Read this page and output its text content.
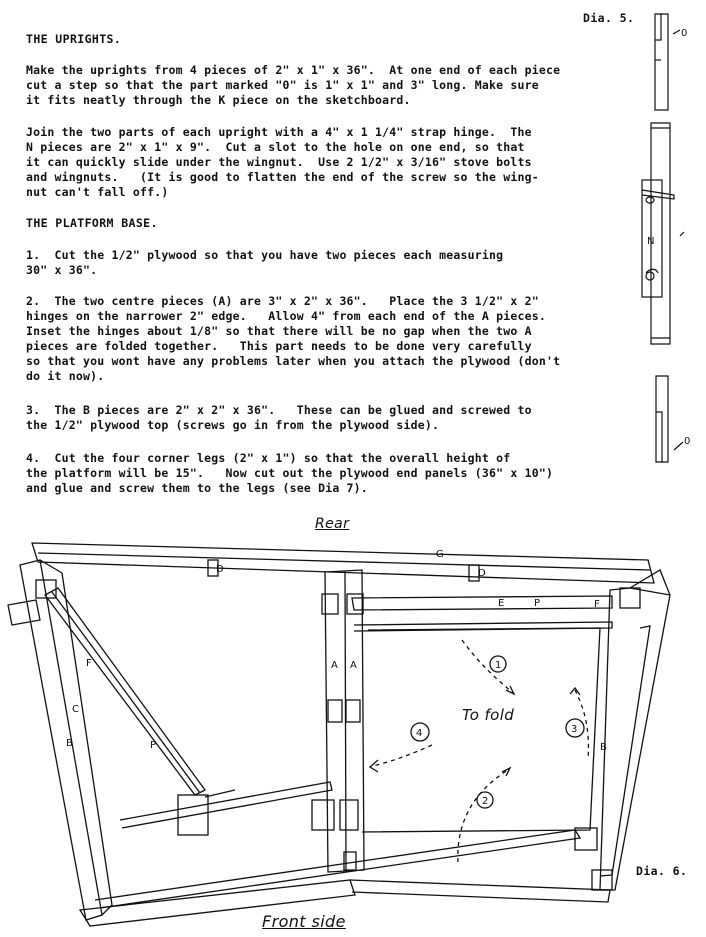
Dia. 5.
THE UPRIGHTS.
Make the uprights from 4 pieces of 2" x 1" x 36".  At one end of each piece
cut a step so that the part marked "0" is 1" x 1" and 3" long. Make sure
it fits neatly through the K piece on the sketchboard.
Join the two parts of each upright with a 4" x 1 1/4" strap hinge.  The
N pieces are 2" x 1" x 9".  Cut a slot to the hole on one end, so that
it can quickly slide under the wingnut.  Use 2 1/2" x 3/16" stove bolts
and wingnuts.   (It is good to flatten the end of the screw so the wing-
nut can't fall off.)
THE PLATFORM BASE.
1.  Cut the 1/2" plywood so that you have two pieces each measuring
30" x 36".
2.  The two centre pieces (A) are 3" x 2" x 36".   Place the 3 1/2" x 2"
hinges on the narrower 2" edge.   Allow 4" from each end of the A pieces.
Inset the hinges about 1/8" so that there will be no gap when the two A
pieces are folded together.   This part needs to be done very carefully
so that you wont have any problems later when you attach the plywood (don't
do it now).
3.  The B pieces are 2" x 2" x 36".   These can be glued and screwed to
the 1/2" plywood top (screws go in from the plywood side).
4.  Cut the four corner legs (2" x 1") so that the overall height of
the platform will be 15".   Now cut out the plywood end panels (36" x 10")
and glue and screw them to the legs (see Dia 7).
0
N
0
1
2
3
4
A A
B	B
C
D	D
E
F
F
G
P
P
Rear
To fold
Front side
Dia. 6.
